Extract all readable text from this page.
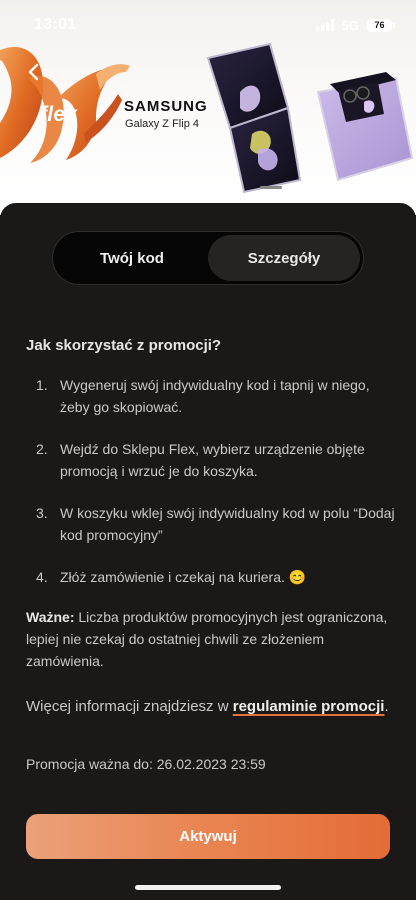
13:01	5G	76
flex	SAMSUNG
Galaxy Z Flip 4
Twój kod	Szczegóły
Jak skorzystać z promocji?
1. Wygeneruj swój indywidualny kod i tapnij w niego, żeby go skopiować.
2. Wejdź do Sklepu Flex, wybierz urządzenie objęte promocją i wrzuć je do koszyka.
3. W koszyku wklej swój indywidualny kod w polu “Dodaj kod promocyjny”
4. Złóż zamówienie i czekaj na kuriera. 😊

Ważne: Liczba produktów promocyjnych jest ograniczona, lepiej nie czekaj do ostatniej chwili ze złożeniem zamówienia.

Więcej informacji znajdziesz w regulaminie promocji.

Promocja ważna do: 26.02.2023 23:59

Aktywuj
